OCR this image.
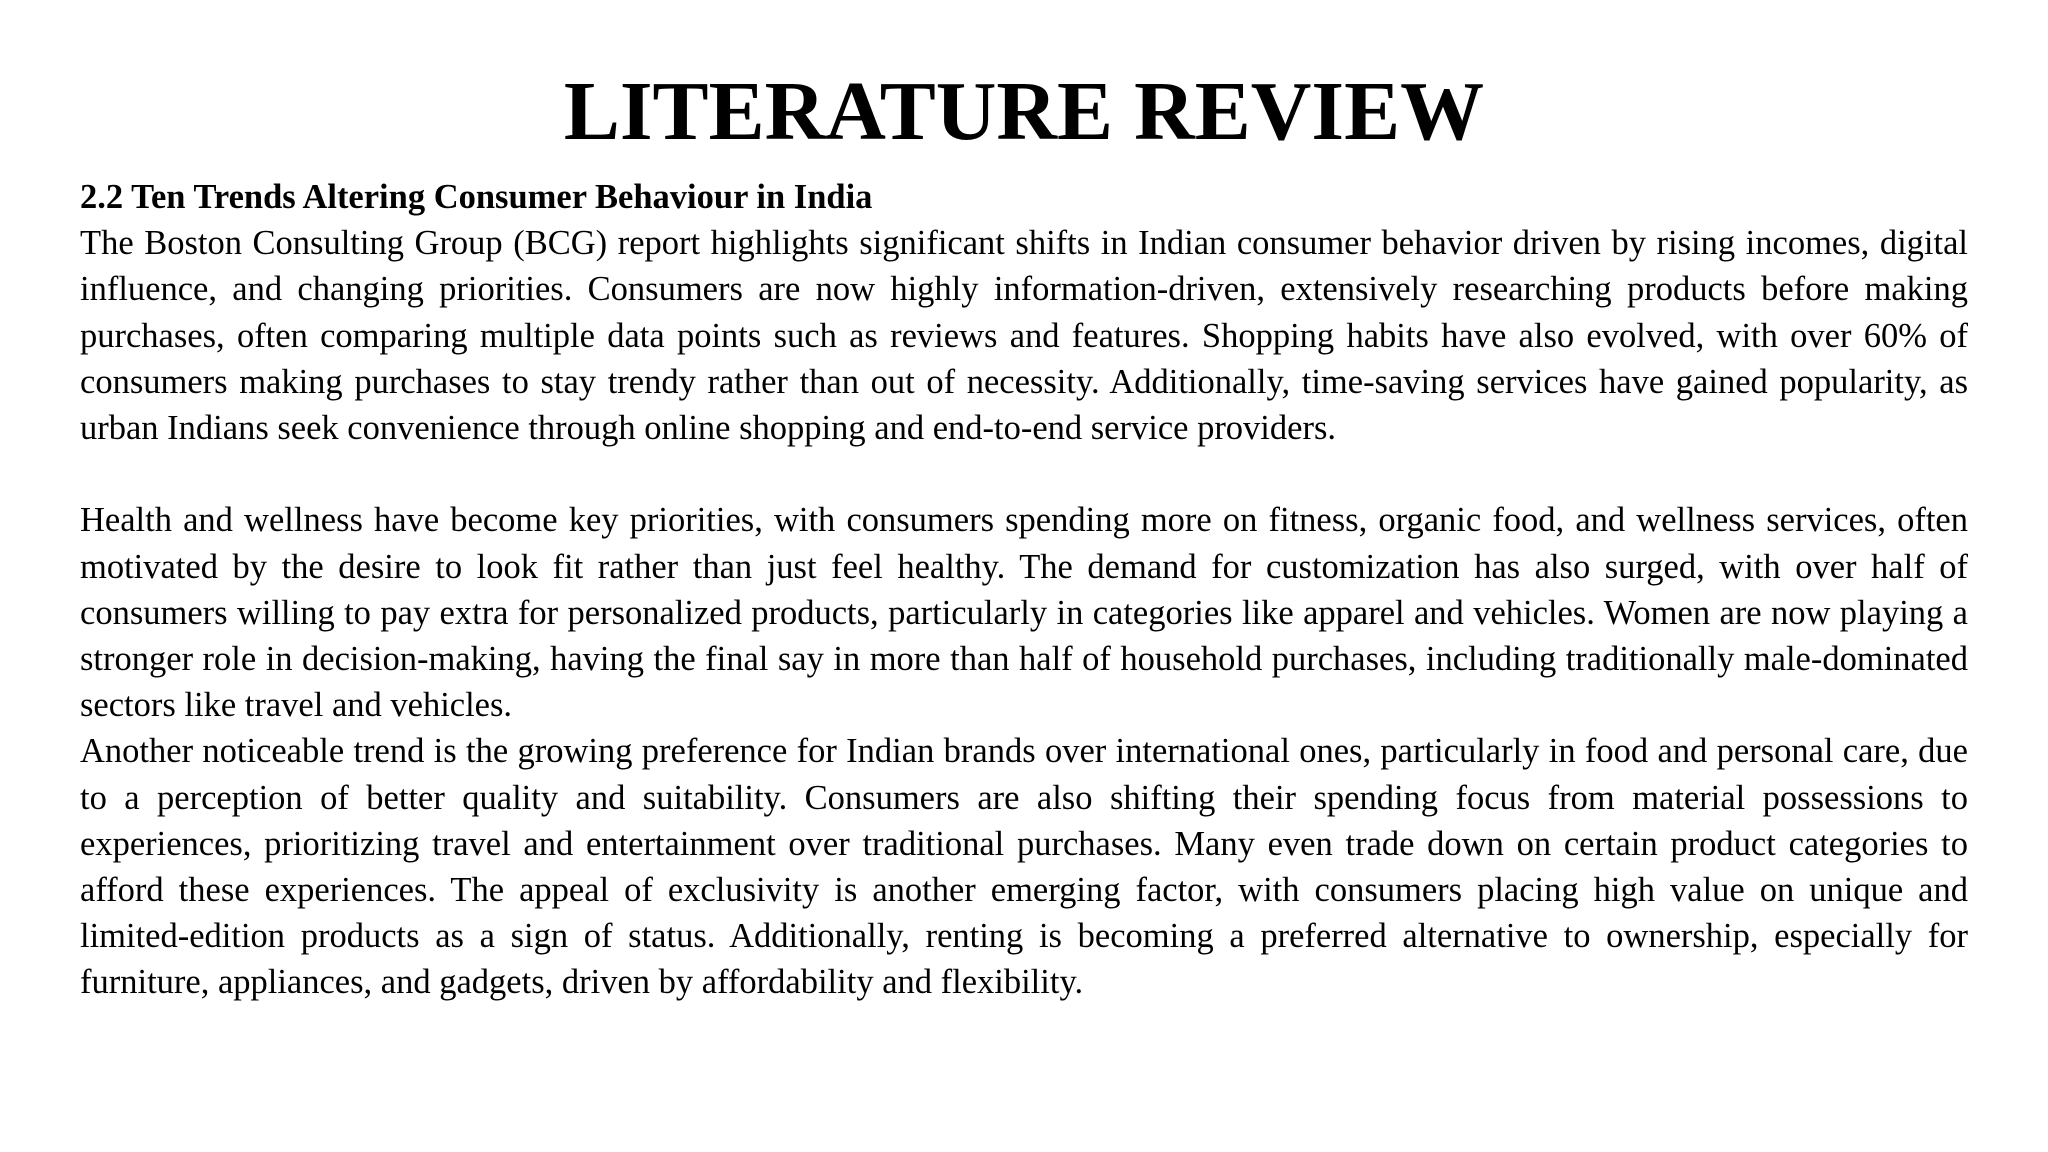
LITERATURE REVIEW

2.2 Ten Trends Altering Consumer Behaviour in India

The Boston Consulting Group (BCG) report highlights significant shifts in Indian consumer behavior driven by rising incomes, digital influence, and changing priorities. Consumers are now highly information-driven, extensively researching products before making purchases, often comparing multiple data points such as reviews and features. Shopping habits have also evolved, with over 60% of consumers making purchases to stay trendy rather than out of necessity. Additionally, time-saving services have gained popularity, as urban Indians seek convenience through online shopping and end-to-end service providers.

Health and wellness have become key priorities, with consumers spending more on fitness, organic food, and wellness services, often motivated by the desire to look fit rather than just feel healthy. The demand for customization has also surged, with over half of consumers willing to pay extra for personalized products, particularly in categories like apparel and vehicles. Women are now playing a stronger role in decision-making, having the final say in more than half of household purchases, including traditionally male-dominated sectors like travel and vehicles.

Another noticeable trend is the growing preference for Indian brands over international ones, particularly in food and personal care, due to a perception of better quality and suitability. Consumers are also shifting their spending focus from material possessions to experiences, prioritizing travel and entertainment over traditional purchases. Many even trade down on certain product categories to afford these experiences. The appeal of exclusivity is another emerging factor, with consumers placing high value on unique and limited-edition products as a sign of status. Additionally, renting is becoming a preferred alternative to ownership, especially for furniture, appliances, and gadgets, driven by affordability and flexibility.
